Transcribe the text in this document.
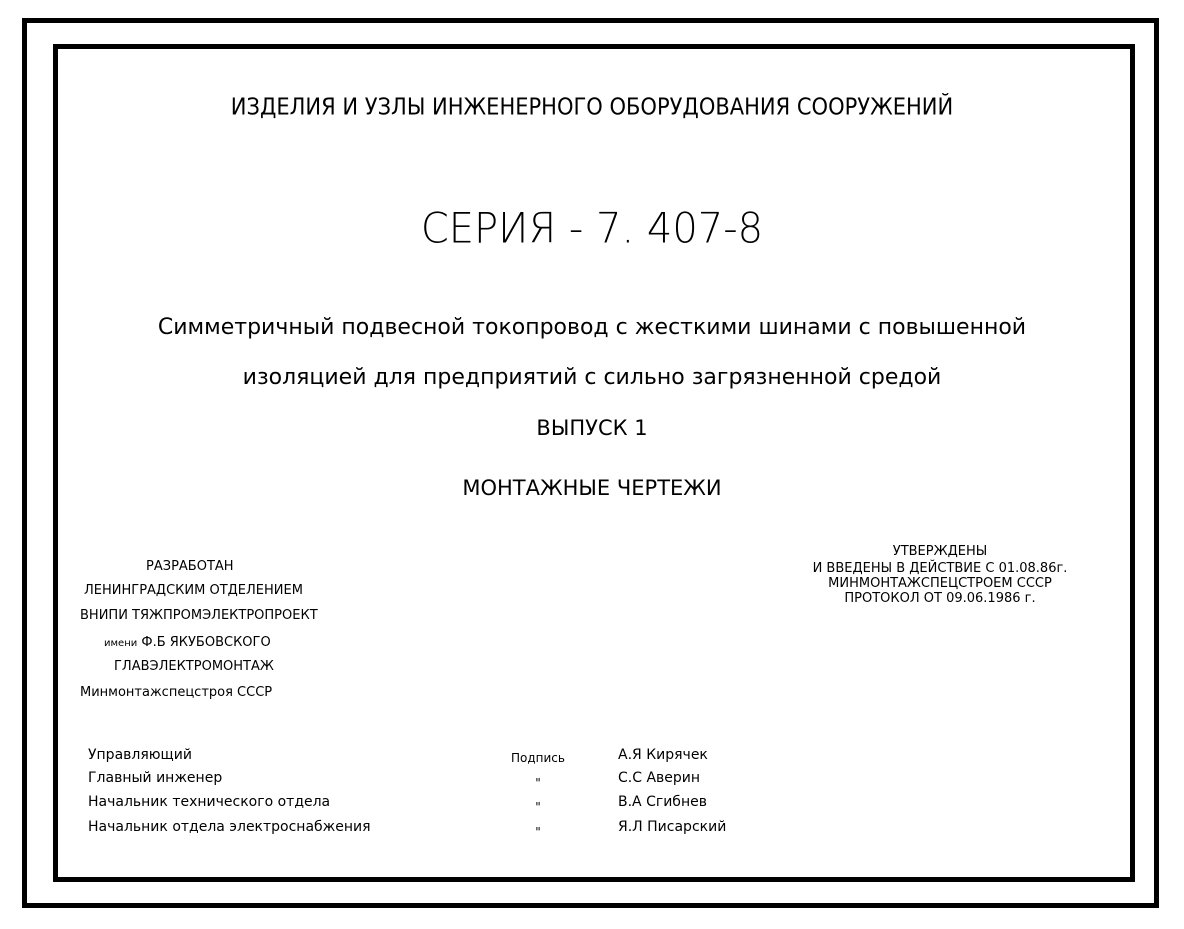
ИЗДЕЛИЯ И УЗЛЫ ИНЖЕНЕРНОГО ОБОРУДОВАНИЯ СООРУЖЕНИЙ
СЕРИЯ - 7. 407-8
Симметричный подвесной токопровод с жесткими шинами с повышенной
изоляцией для предприятий с сильно загрязненной средой
ВЫПУСК 1
МОНТАЖНЫЕ ЧЕРТЕЖИ
РАЗРАБОТАН
ЛЕНИНГРАДСКИМ ОТДЕЛЕНИЕМ
ВНИПИ ТЯЖПРОМЭЛЕКТРОПРОЕКТ
имени Ф.Б ЯКУБОВСКОГО
ГЛАВЭЛЕКТРОМОНТАЖ
Минмонтажспецстроя СССР
УТВЕРЖДЕНЫ
И ВВЕДЕНЫ В ДЕЙСТВИЕ С 01.08.86г.
МИНМОНТАЖСПЕЦСТРОЕМ СССР
ПРОТОКОЛ ОТ 09.06.1986 г.
Управляющий	Подпись	А.Я Кирячек
Главный инженер	"	С.С Аверин
Начальник технического отдела	"	В.А Сгибнев
Начальник отдела электроснабжения	"	Я.Л Писарский
